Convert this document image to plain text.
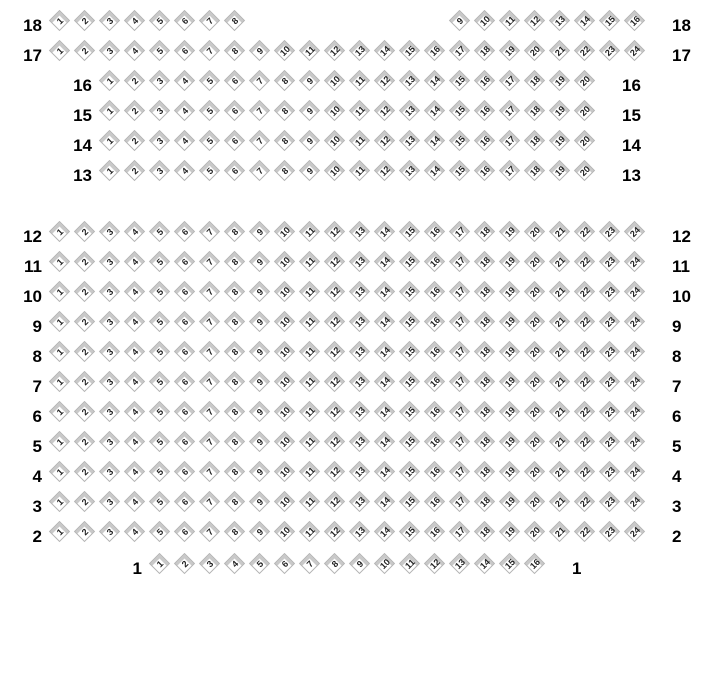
18	18
1	2	3	4	5	6	7	8	9	10	11	12	13	14	15	16
17	17
1	2	3	4	5	6	7	8	9	10	11	12	13	14	15	16	17	18	19	20	21	22	23	24
16	16
1	2	3	4	5	6	7	8	9	10	11	12	13	14	15	16	17	18	19	20
15	15
1	2	3	4	5	6	7	8	9	10	11	12	13	14	15	16	17	18	19	20
14	14
1	2	3	4	5	6	7	8	9	10	11	12	13	14	15	16	17	18	19	20
13	13
1	2	3	4	5	6	7	8	9	10	11	12	13	14	15	16	17	18	19	20
12	12
1	2	3	4	5	6	7	8	9	10	11	12	13	14	15	16	17	18	19	20	21	22	23	24
11	11
1	2	3	4	5	6	7	8	9	10	11	12	13	14	15	16	17	18	19	20	21	22	23	24
10	10
1	2	3	4	5	6	7	8	9	10	11	12	13	14	15	16	17	18	19	20	21	22	23	24
9	9
1	2	3	4	5	6	7	8	9	10	11	12	13	14	15	16	17	18	19	20	21	22	23	24
8	8
1	2	3	4	5	6	7	8	9	10	11	12	13	14	15	16	17	18	19	20	21	22	23	24
7	7
1	2	3	4	5	6	7	8	9	10	11	12	13	14	15	16	17	18	19	20	21	22	23	24
6	6
1	2	3	4	5	6	7	8	9	10	11	12	13	14	15	16	17	18	19	20	21	22	23	24
5	5
1	2	3	4	5	6	7	8	9	10	11	12	13	14	15	16	17	18	19	20	21	22	23	24
4	4
1	2	3	4	5	6	7	8	9	10	11	12	13	14	15	16	17	18	19	20	21	22	23	24
3	3
1	2	3	4	5	6	7	8	9	10	11	12	13	14	15	16	17	18	19	20	21	22	23	24
2	2
1	2	3	4	5	6	7	8	9	10	11	12	13	14	15	16	17	18	19	20	21	22	23	24
1	1
1	2	3	4	5	6	7	8	9	10	11	12	13	14	15	16
